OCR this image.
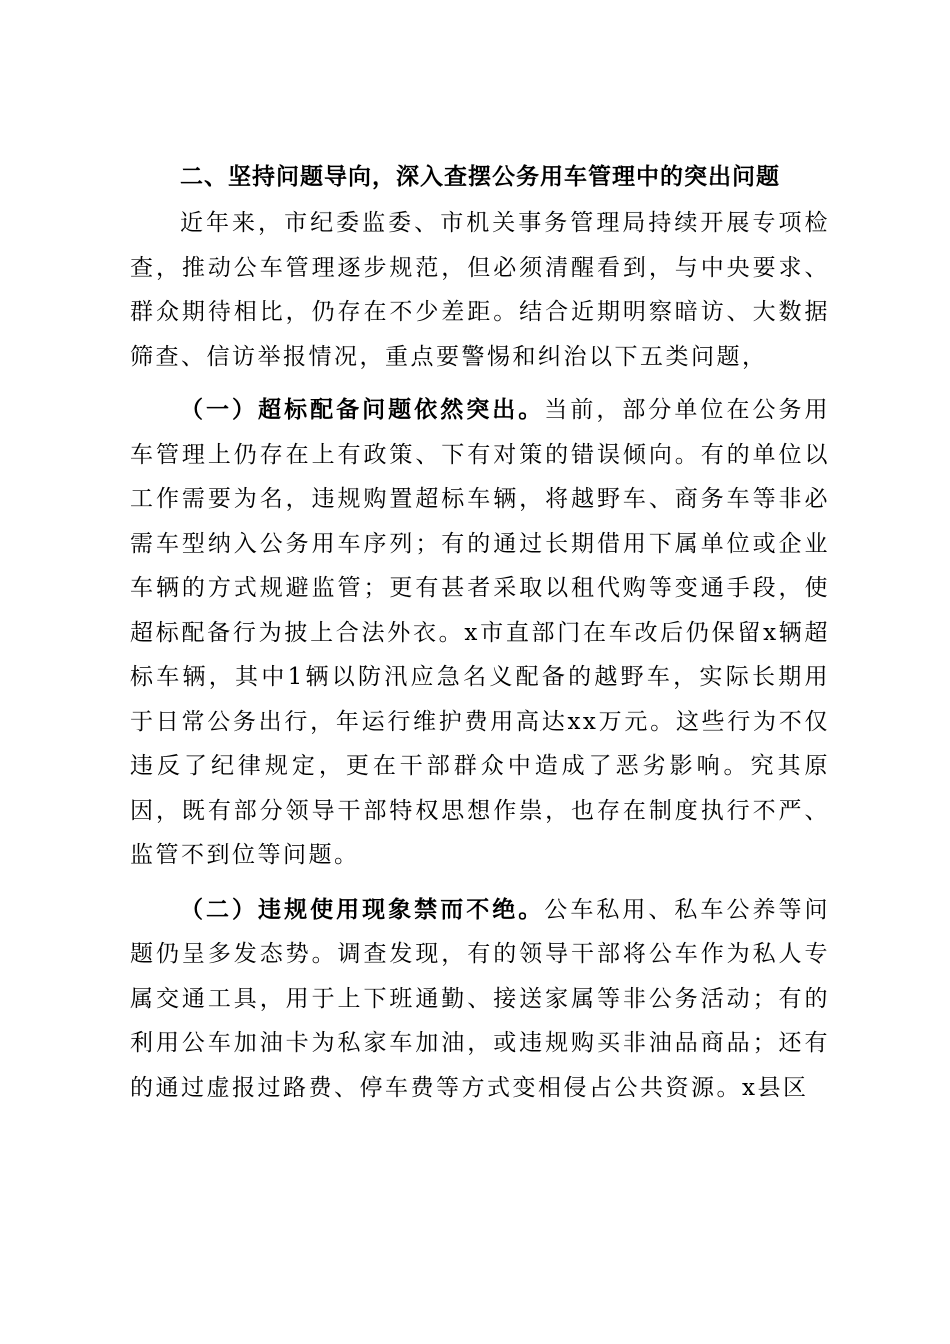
二、坚持问题导向，深入查摆公务用车管理中的突出问题

近年来，市纪委监委、市机关事务管理局持续开展专项检查，推动公车管理逐步规范，但必须清醒看到，与中央要求、群众期待相比，仍存在不少差距。结合近期明察暗访、大数据筛查、信访举报情况，重点要警惕和纠治以下五类问题，

（一）超标配备问题依然突出。当前，部分单位在公务用车管理上仍存在上有政策、下有对策的错误倾向。有的单位以工作需要为名，违规购置超标车辆，将越野车、商务车等非必需车型纳入公务用车序列；有的通过长期借用下属单位或企业车辆的方式规避监管；更有甚者采取以租代购等变通手段，使超标配备行为披上合法外衣。x市直部门在车改后仍保留x辆超标车辆，其中1辆以防汛应急名义配备的越野车，实际长期用于日常公务出行，年运行维护费用高达xx万元。这些行为不仅违反了纪律规定，更在干部群众中造成了恶劣影响。究其原因，既有部分领导干部特权思想作祟，也存在制度执行不严、监管不到位等问题。

（二）违规使用现象禁而不绝。公车私用、私车公养等问题仍呈多发态势。调查发现，有的领导干部将公车作为私人专属交通工具，用于上下班通勤、接送家属等非公务活动；有的利用公车加油卡为私家车加油，或违规购买非油品商品；还有的通过虚报过路费、停车费等方式变相侵占公共资源。x县区
